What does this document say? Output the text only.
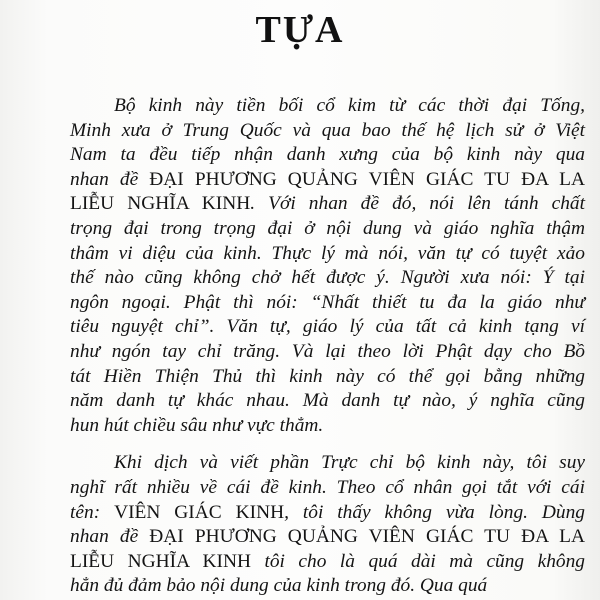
TỰA

Bộ kinh này tiền bối cổ kim từ các thời đại Tống,
Minh xưa ở Trung Quốc và qua bao thế hệ lịch sử ở Việt
Nam ta đều tiếp nhận danh xưng của bộ kinh này qua
nhan đề ĐẠI PHƯƠNG QUẢNG VIÊN GIÁC TU ĐA LA
LIỄU NGHĨA KINH. Với nhan đề đó, nói lên tánh chất
trọng đại trong trọng đại ở nội dung và giáo nghĩa thậm
thâm vi diệu của kinh. Thực lý mà nói, văn tự có tuyệt xảo
thế nào cũng không chở hết được ý. Người xưa nói: Ý tại
ngôn ngoại. Phật thì nói: “Nhất thiết tu đa la giáo như
tiêu nguyệt chỉ”. Văn tự, giáo lý của tất cả kinh tạng ví
như ngón tay chỉ trăng. Và lại theo lời Phật dạy cho Bồ
tát Hiền Thiện Thủ thì kinh này có thể gọi bằng những
năm danh tự khác nhau. Mà danh tự nào, ý nghĩa cũng
hun hút chiều sâu như vực thẳm.

Khi dịch và viết phần Trực chỉ bộ kinh này, tôi suy
nghĩ rất nhiều về cái đề kinh. Theo cổ nhân gọi tắt với cái
tên: VIÊN GIÁC KINH, tôi thấy không vừa lòng. Dùng
nhan đề ĐẠI PHƯƠNG QUẢNG VIÊN GIÁC TU ĐA LA
LIỄU NGHĨA KINH tôi cho là quá dài mà cũng không
hẳn đủ đảm bảo nội dung của kinh trong đó. Qua quá
